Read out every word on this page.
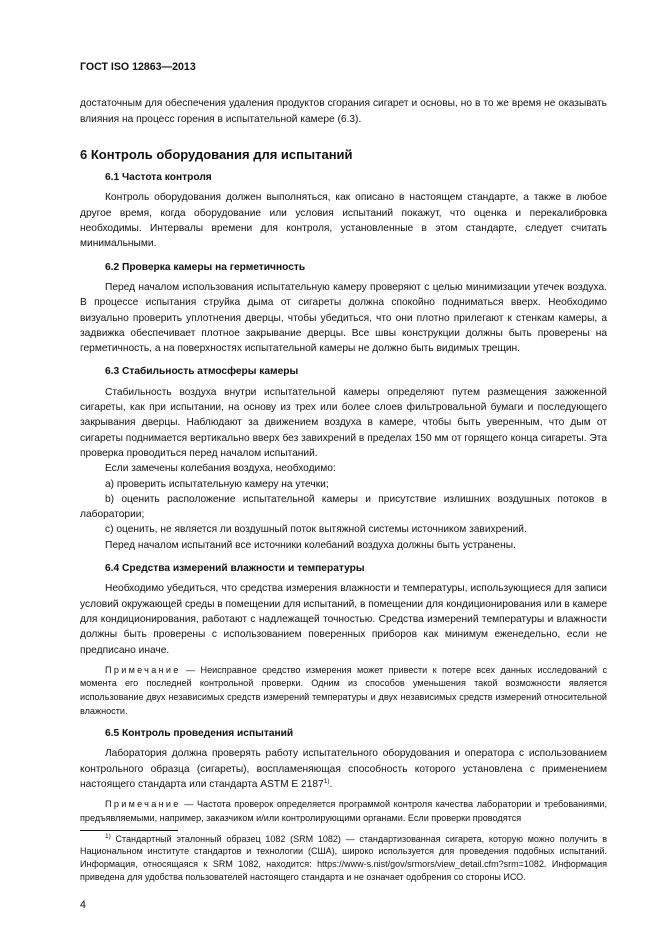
ГОСТ ISO 12863—2013

достаточным для обеспечения удаления продуктов сгорания сигарет и основы, но в то же время не оказывать влияния на процесс горения в испытательной камере (6.3).

6 Контроль оборудования для испытаний
6.1 Частота контроля

Контроль оборудования должен выполняться, как описано в настоящем стандарте, а также в любое другое время, когда оборудование или условия испытаний покажут, что оценка и перекалибровка необходимы. Интервалы времени для контроля, установленные в этом стандарте, следует считать минимальными.

6.2 Проверка камеры на герметичность

Перед началом использования испытательную камеру проверяют с целью минимизации утечек воздуха. В процессе испытания струйка дыма от сигареты должна спокойно подниматься вверх. Необходимо визуально проверить уплотнения дверцы, чтобы убедиться, что они плотно прилегают к стенкам камеры, а задвижка обеспечивает плотное закрывание дверцы. Все швы конструкции должны быть проверены на герметичность, а на поверхностях испытательной камеры не должно быть видимых трещин.

6.3 Стабильность атмосферы камеры

Стабильность воздуха внутри испытательной камеры определяют путем размещения зажженной сигареты, как при испытании, на основу из трех или более слоев фильтровальной бумаги и последующего закрывания дверцы. Наблюдают за движением воздуха в камере, чтобы быть уверенным, что дым от сигареты поднимается вертикально вверх без завихрений в пределах 150 мм от горящего конца сигареты. Эта проверка проводиться перед началом испытаний.

Если замечены колебания воздуха, необходимо:

а) проверить испытательную камеру на утечки;

b) оценить расположение испытательной камеры и присутствие излишних воздушных потоков в лаборатории;

с) оценить, не является ли воздушный поток вытяжной системы источником завихрений.

Перед началом испытаний все источники колебаний воздуха должны быть устранены.

6.4 Средства измерений влажности и температуры

Необходимо убедиться, что средства измерения влажности и температуры, использующиеся для записи условий окружающей среды в помещении для испытаний, в помещении для кондиционирования или в камере для кондиционирования, работают с надлежащей точностью. Средства измерений температуры и влажности должны быть проверены с использованием поверенных приборов как минимум еженедельно, если не предписано иначе.

Примечание — Неисправное средство измерения может привести к потере всех данных исследований с момента его последней контрольной проверки. Одним из способов уменьшения такой возможности является использование двух независимых средств измерений температуры и двух независимых средств измерений относительной влажности.

6.5 Контроль проведения испытаний

Лаборатория должна проверять работу испытательного оборудования и оператора с использованием контрольного образца (сигареты), воспламеняющая способность которого установлена с применением настоящего стандарта или стандарта ASTM Е 2187$^{1)}$.

Примечание — Частота проверок определяется программой контроля качества лаборатории и требованиями, предъявляемыми, например, заказчиком и/или контролирующими органами. Если проверки проводятся

$^{1)}$ Стандартный эталонный образец 1082 (SRM 1082) — стандартизованная сигарета, которую можно получить в Национальном институте стандартов и технологии (США), широко используется для проведения подобных испытаний. Информация, относящаяся к SRM 1082, находится: https://www-s.nist/gov/srmors/view_detail.cfm?srm=1082. Информация приведена для удобства пользователей настоящего стандарта и не означает одобрения со стороны ИСО.

4
